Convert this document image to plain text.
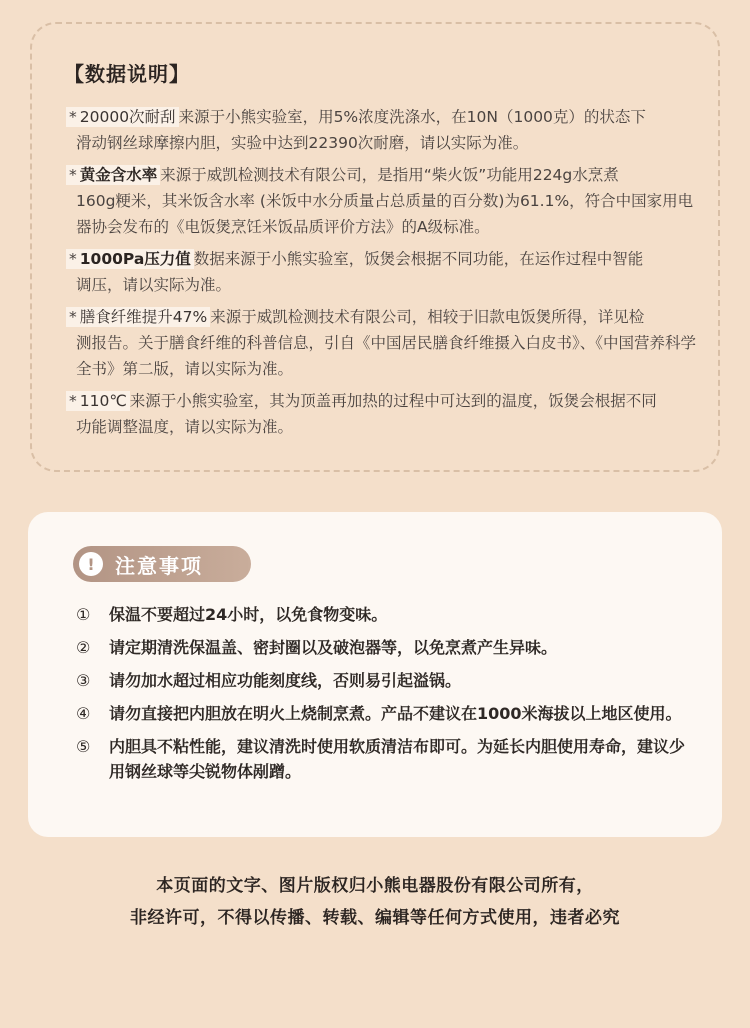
【数据说明】

* 20000次耐刮 来源于小熊实验室，用5%浓度洗涤水，在10N（1000克）的状态下
滑动钢丝球摩擦内胆，实验中达到22390次耐磨，请以实际为准。

* 黄金含水率 来源于威凯检测技术有限公司，是指用“柴火饭”功能用224g水烹煮
160g粳米，其米饭含水率 (米饭中水分质量占总质量的百分数)为61.1%，符合中国家用电器协会发布的《电饭煲烹饪米饭品质评价方法》的A级标准。

* 1000Pa压力值 数据来源于小熊实验室，饭煲会根据不同功能，在运作过程中智能
调压，请以实际为准。

* 膳食纤维提升47% 来源于威凯检测技术有限公司，相较于旧款电饭煲所得，详见检
测报告。关于膳食纤维的科普信息，引自《中国居民膳食纤维摄入白皮书》、《中国营养科学全书》第二版，请以实际为准。

* 110℃ 来源于小熊实验室，其为顶盖再加热的过程中可达到的温度，饭煲会根据不同
功能调整温度，请以实际为准。

!	注意事项
①	保温不要超过24小时，以免食物变味。
②	请定期清洗保温盖、密封圈以及破泡器等，以免烹煮产生异味。
③	请勿加水超过相应功能刻度线，否则易引起溢锅。
④	请勿直接把内胆放在明火上烧制烹煮。产品不建议在1000米海拔以上地区使用。
⑤	内胆具不粘性能，建议清洗时使用软质清洁布即可。为延长内胆使用寿命，建议少用钢丝球等尖锐物体剐蹭。
本页面的文字、图片版权归小熊电器股份有限公司所有，
非经许可，不得以传播、转载、编辑等任何方式使用，违者必究
